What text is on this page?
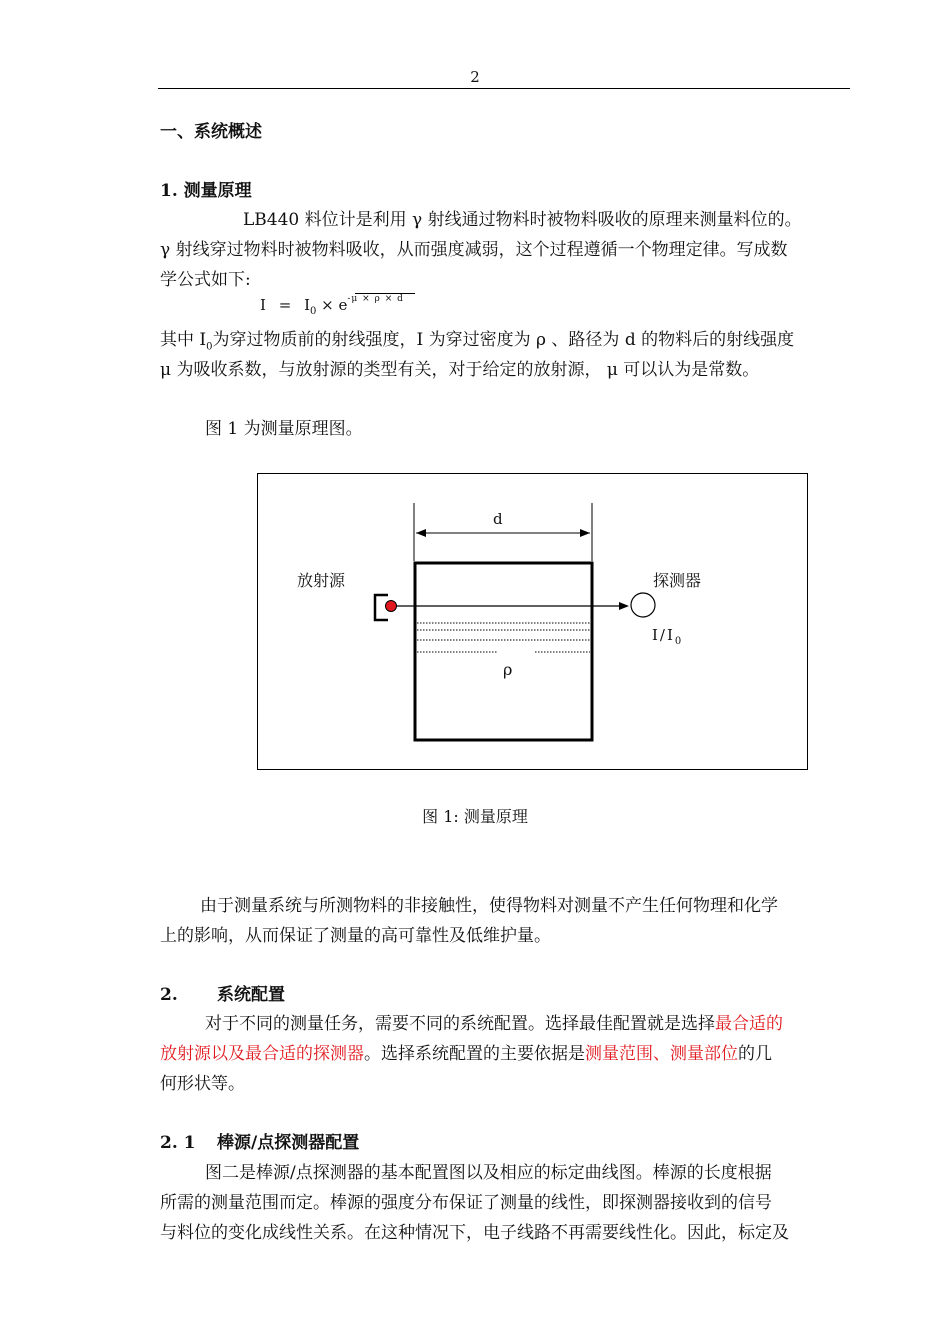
2
一、系统概述
1. 测量原理
LB440 料位计是利用 γ 射线通过物料时被物料吸收的原理来测量料位的。
γ 射线穿过物料时被物料吸收，从而强度减弱，这个过程遵循一个物理定律。写成数
学公式如下:
$I = I_0 \times e^{-\mu \times \rho \times d}$
其中 $I_0$为穿过物质前的射线强度，I 为穿过密度为 ρ 、路径为 d 的物料后的射线强度
μ 为吸收系数，与放射源的类型有关，对于给定的放射源， μ 可以认为是常数。
图 1 为测量原理图。
d
放射源	探测器
$I/I_0$
ρ
图 1: 测量原理
由于测量系统与所测物料的非接触性，使得物料对测量不产生任何物理和化学
上的影响，从而保证了测量的高可靠性及低维护量。
2. 系统配置
对于不同的测量任务，需要不同的系统配置。选择最佳配置就是选择最合适的
放射源以及最合适的探测器。选择系统配置的主要依据是测量范围、测量部位的几
何形状等。
2. 1 棒源/点探测器配置
图二是棒源/点探测器的基本配置图以及相应的标定曲线图。棒源的长度根据
所需的测量范围而定。棒源的强度分布保证了测量的线性，即探测器接收到的信号
与料位的变化成线性关系。在这种情况下，电子线路不再需要线性化。因此，标定及
